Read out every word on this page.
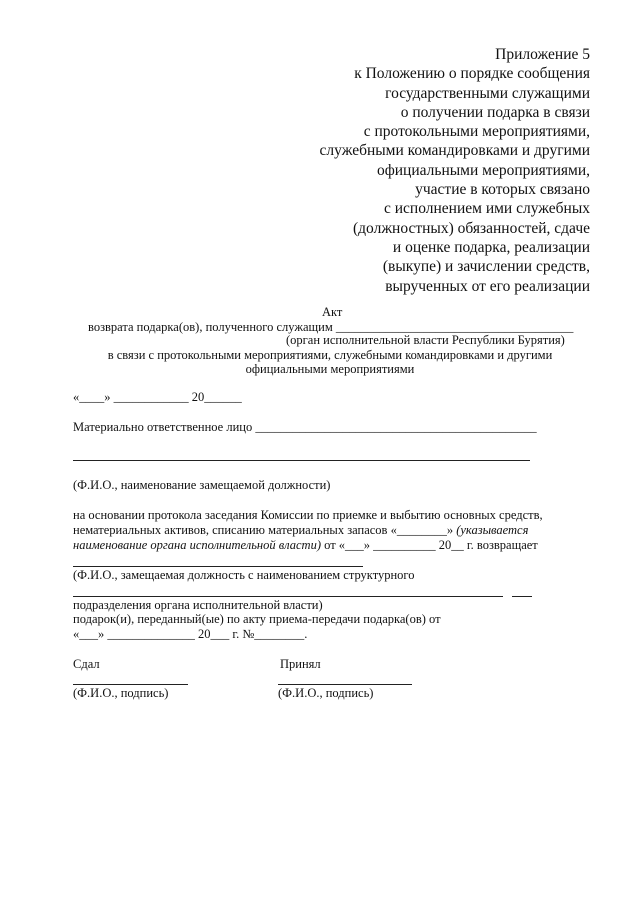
Приложение 5
к Положению о порядке сообщения
государственными служащими
о получении подарка в связи
с протокольными мероприятиями,
служебными командировками и другими
официальными мероприятиями,
участие в которых связано
с исполнением ими служебных
(должностных) обязанностей, сдаче
и оценке подарка, реализации
(выкупе) и зачислении средств,
вырученных от его реализации
Акт
возврата подарка(ов), полученного служащим ______________________________________
(орган исполнительной власти Республики Бурятия)
в связи с протокольными мероприятиями, служебными командировками и другими
официальными мероприятиями
«____» ____________ 20______
Материально ответственное лицо _____________________________________________
(Ф.И.О., наименование замещаемой должности)
на основании протокола заседания Комиссии по приемке и выбытию основных средств,
нематериальных активов, списанию материальных запасов «________» (указывается
наименование органа исполнительной власти) от «___» __________ 20__ г. возвращает
(Ф.И.О., замещаемая должность с наименованием структурного
подразделения органа исполнительной власти)
подарок(и), переданный(ые) по акту приема-передачи подарка(ов) от
«___» ______________ 20___ г. №________.
Сдал	Принял
(Ф.И.О., подпись)	(Ф.И.О., подпись)
